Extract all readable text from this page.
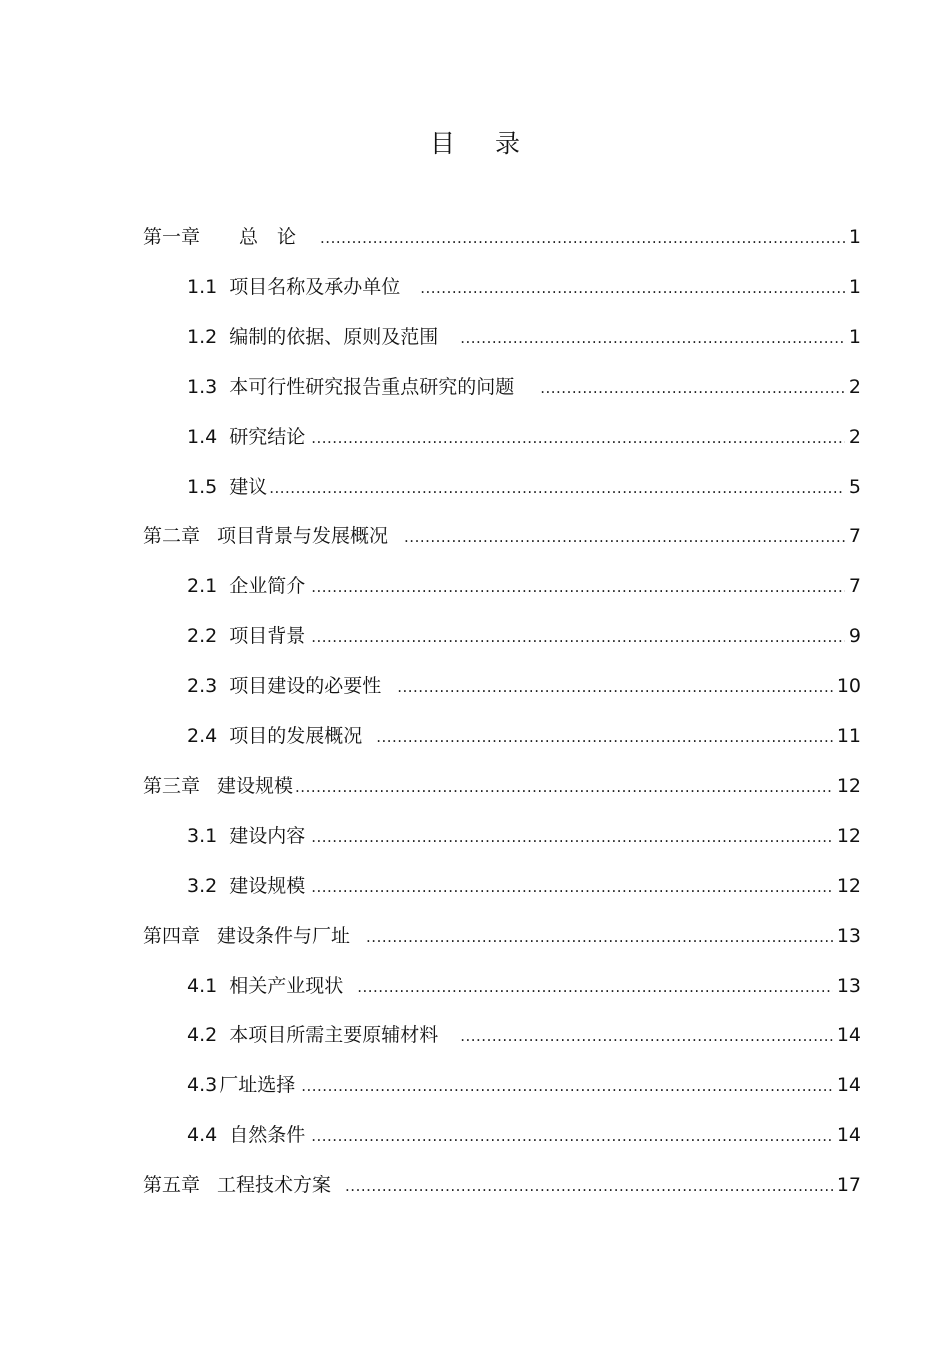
目 录
第一章 总　论 .....	1
1.1 项目名称及承办单位 .....	1
1.2 编制的依据、原则及范围 .....	1
1.3 本可行性研究报告重点研究的问题 .....	2
1.4 研究结论 .....	2
1.5 建议 .....	5
第二章 项目背景与发展概况 .....	7
2.1 企业简介 .....	7
2.2 项目背景 .....	9
2.3 项目建设的必要性 .....	10
2.4 项目的发展概况 .....	11
第三章 建设规模 .....	12
3.1 建设内容 .....	12
3.2 建设规模 .....	12
第四章 建设条件与厂址 .....	13
4.1 相关产业现状 .....	13
4.2 本项目所需主要原辅材料 .....	14
4.3 厂址选择 .....	14
4.4 自然条件 .....	14
第五章 工程技术方案 .....	17
